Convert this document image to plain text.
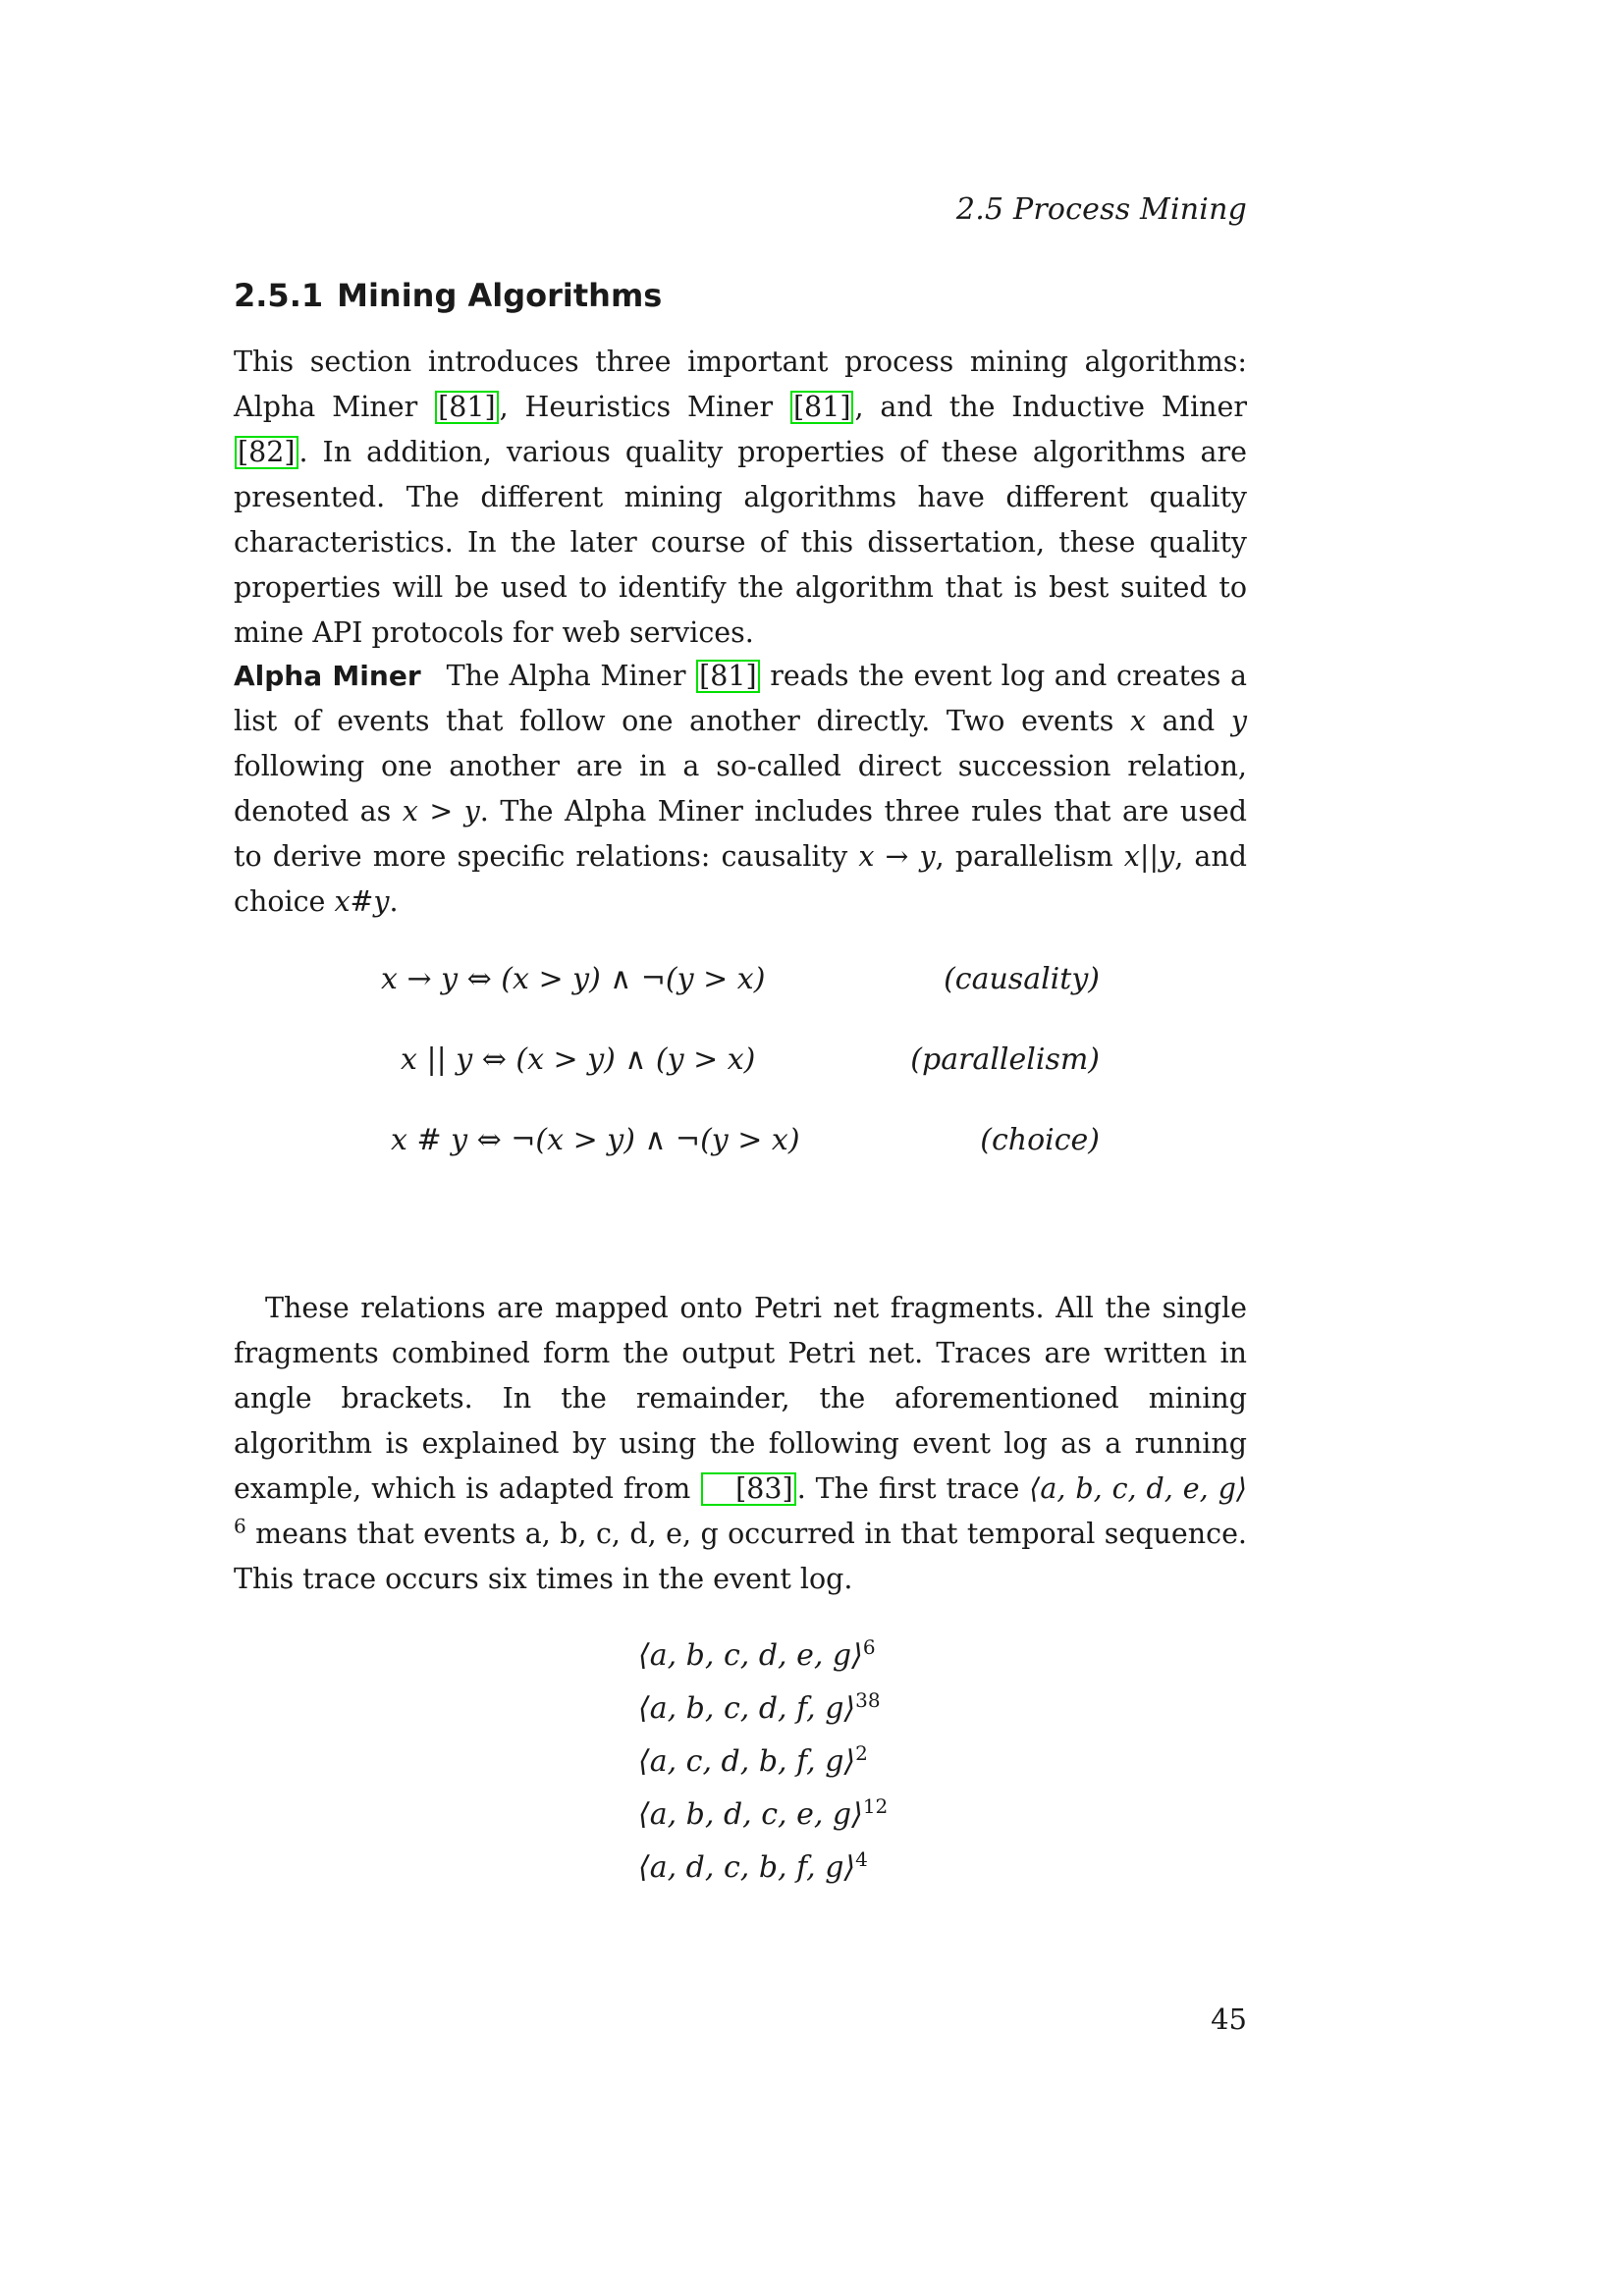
2.5 Process Mining
2.5.1 Mining Algorithms

This section introduces three important process mining algorithms: Alpha Miner [81] , Heuristics Miner [81] , and the Inductive Miner [82] . In addition, various quality properties of these algorithms are presented. The different mining algorithms have different quality characteristics. In the later course of this dissertation, these quality properties will be used to identify the algorithm that is best suited to mine API protocols for web services.

Alpha Miner The Alpha Miner [81] reads the event log and creates a list of events that follow one another directly. Two events x and y following one another are in a so-called direct succession relation, denoted as x > y. The Alpha Miner includes three rules that are used to derive more specific relations: causality x → y, parallelism x||y, and choice x#y.

x → y ⇔ (x > y) ∧ ¬(y > x)	(causality)
x || y ⇔ (x > y) ∧ (y > x)	(parallelism)
x # y ⇔ ¬(x > y) ∧ ¬(y > x)	(choice)

These relations are mapped onto Petri net fragments. All the single fragments combined form the output Petri net. Traces are written in angle brackets. In the remainder, the aforementioned mining algorithm is explained by using the following event log as a running example, which is adapted from [83] . The first trace ⟨a, b, c, d, e, g⟩$^6$ means that events a, b, c, d, e, g occurred in that temporal sequence. This trace occurs six times in the event log.

⟨a, b, c, d, e, g⟩$^6$
⟨a, b, c, d, f, g⟩$^{38}$
⟨a, c, d, b, f, g⟩$^2$
⟨a, b, d, c, e, g⟩$^{12}$
⟨a, d, c, b, f, g⟩$^4$
45
